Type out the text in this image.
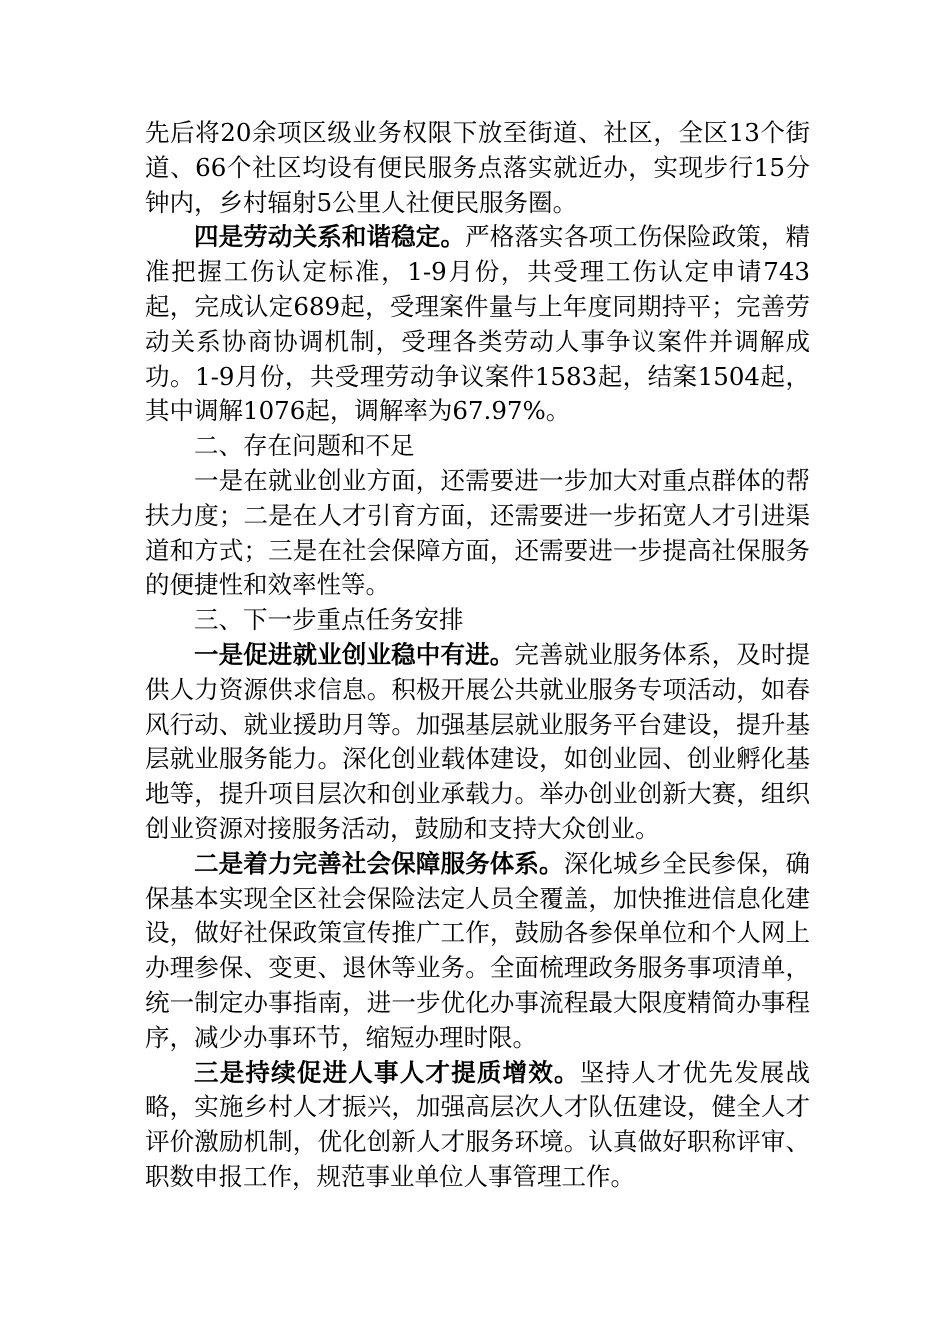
先后将20余项区级业务权限下放至街道、社区，全区13个街道、66个社区均设有便民服务点落实就近办，实现步行15分钟内，乡村辐射5公里人社便民服务圈。

四是劳动关系和谐稳定。严格落实各项工伤保险政策，精准把握工伤认定标准，1-9月份，共受理工伤认定申请743起，完成认定689起，受理案件量与上年度同期持平；完善劳动关系协商协调机制，受理各类劳动人事争议案件并调解成功。1-9月份，共受理劳动争议案件1583起，结案1504起，其中调解1076起，调解率为67.97%。

二、存在问题和不足

一是在就业创业方面，还需要进一步加大对重点群体的帮扶力度；二是在人才引育方面，还需要进一步拓宽人才引进渠道和方式；三是在社会保障方面，还需要进一步提高社保服务的便捷性和效率性等。

三、下一步重点任务安排

一是促进就业创业稳中有进。完善就业服务体系，及时提供人力资源供求信息。积极开展公共就业服务专项活动，如春风行动、就业援助月等。加强基层就业服务平台建设，提升基层就业服务能力。深化创业载体建设，如创业园、创业孵化基地等，提升项目层次和创业承载力。举办创业创新大赛，组织创业资源对接服务活动，鼓励和支持大众创业。

二是着力完善社会保障服务体系。深化城乡全民参保，确保基本实现全区社会保险法定人员全覆盖，加快推进信息化建设，做好社保政策宣传推广工作，鼓励各参保单位和个人网上办理参保、变更、退休等业务。全面梳理政务服务事项清单，统一制定办事指南，进一步优化办事流程最大限度精简办事程序，减少办事环节，缩短办理时限。

三是持续促进人事人才提质增效。坚持人才优先发展战略，实施乡村人才振兴，加强高层次人才队伍建设，健全人才评价激励机制，优化创新人才服务环境。认真做好职称评审、职数申报工作，规范事业单位人事管理工作。
